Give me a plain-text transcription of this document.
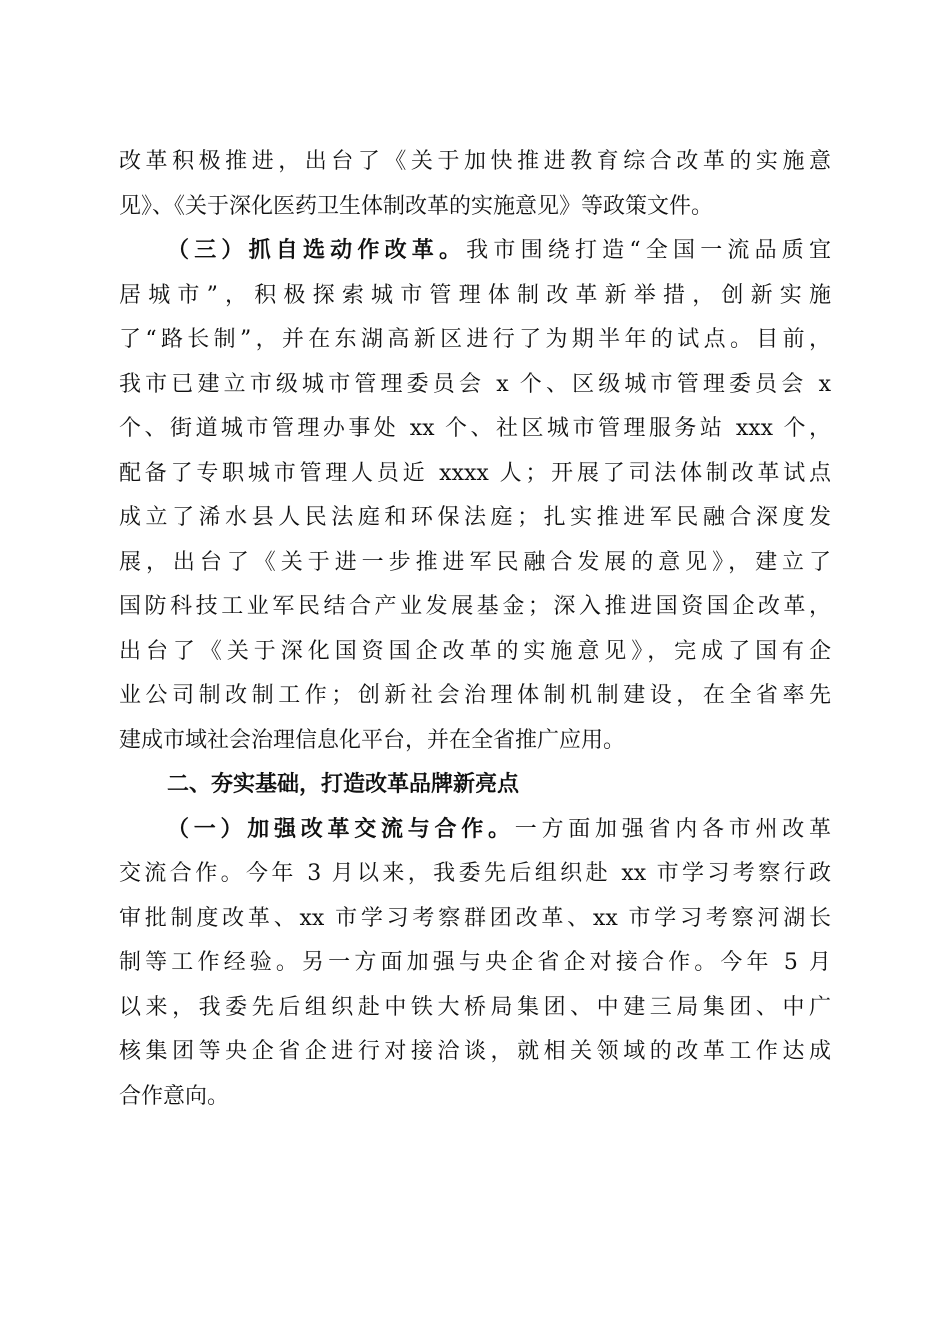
改革积极推进，出台了《关于加快推进教育综合改革的实施意
见》、《关于深化医药卫生体制改革的实施意见》等政策文件。
（三）抓自选动作改革。我市围绕打造“全国一流品质宜
居城市”，积极探索城市管理体制改革新举措，创新实施
了“路长制”，并在东湖高新区进行了为期半年的试点。目前，
我市已建立市级城市管理委员会 x 个、区级城市管理委员会 x
个、街道城市管理办事处 xx 个、社区城市管理服务站 xxx 个，
配备了专职城市管理人员近 xxxx 人；开展了司法体制改革试点
成立了浠水县人民法庭和环保法庭；扎实推进军民融合深度发
展，出台了《关于进一步推进军民融合发展的意见》，建立了
国防科技工业军民结合产业发展基金；深入推进国资国企改革，
出台了《关于深化国资国企改革的实施意见》，完成了国有企
业公司制改制工作；创新社会治理体制机制建设，在全省率先
建成市域社会治理信息化平台，并在全省推广应用。
二、夯实基础，打造改革品牌新亮点
（一）加强改革交流与合作。一方面加强省内各市州改革
交流合作。今年 3 月以来，我委先后组织赴 xx 市学习考察行政
审批制度改革、xx 市学习考察群团改革、xx 市学习考察河湖长
制等工作经验。另一方面加强与央企省企对接合作。今年 5 月
以来，我委先后组织赴中铁大桥局集团、中建三局集团、中广
核集团等央企省企进行对接洽谈，就相关领域的改革工作达成
合作意向。
